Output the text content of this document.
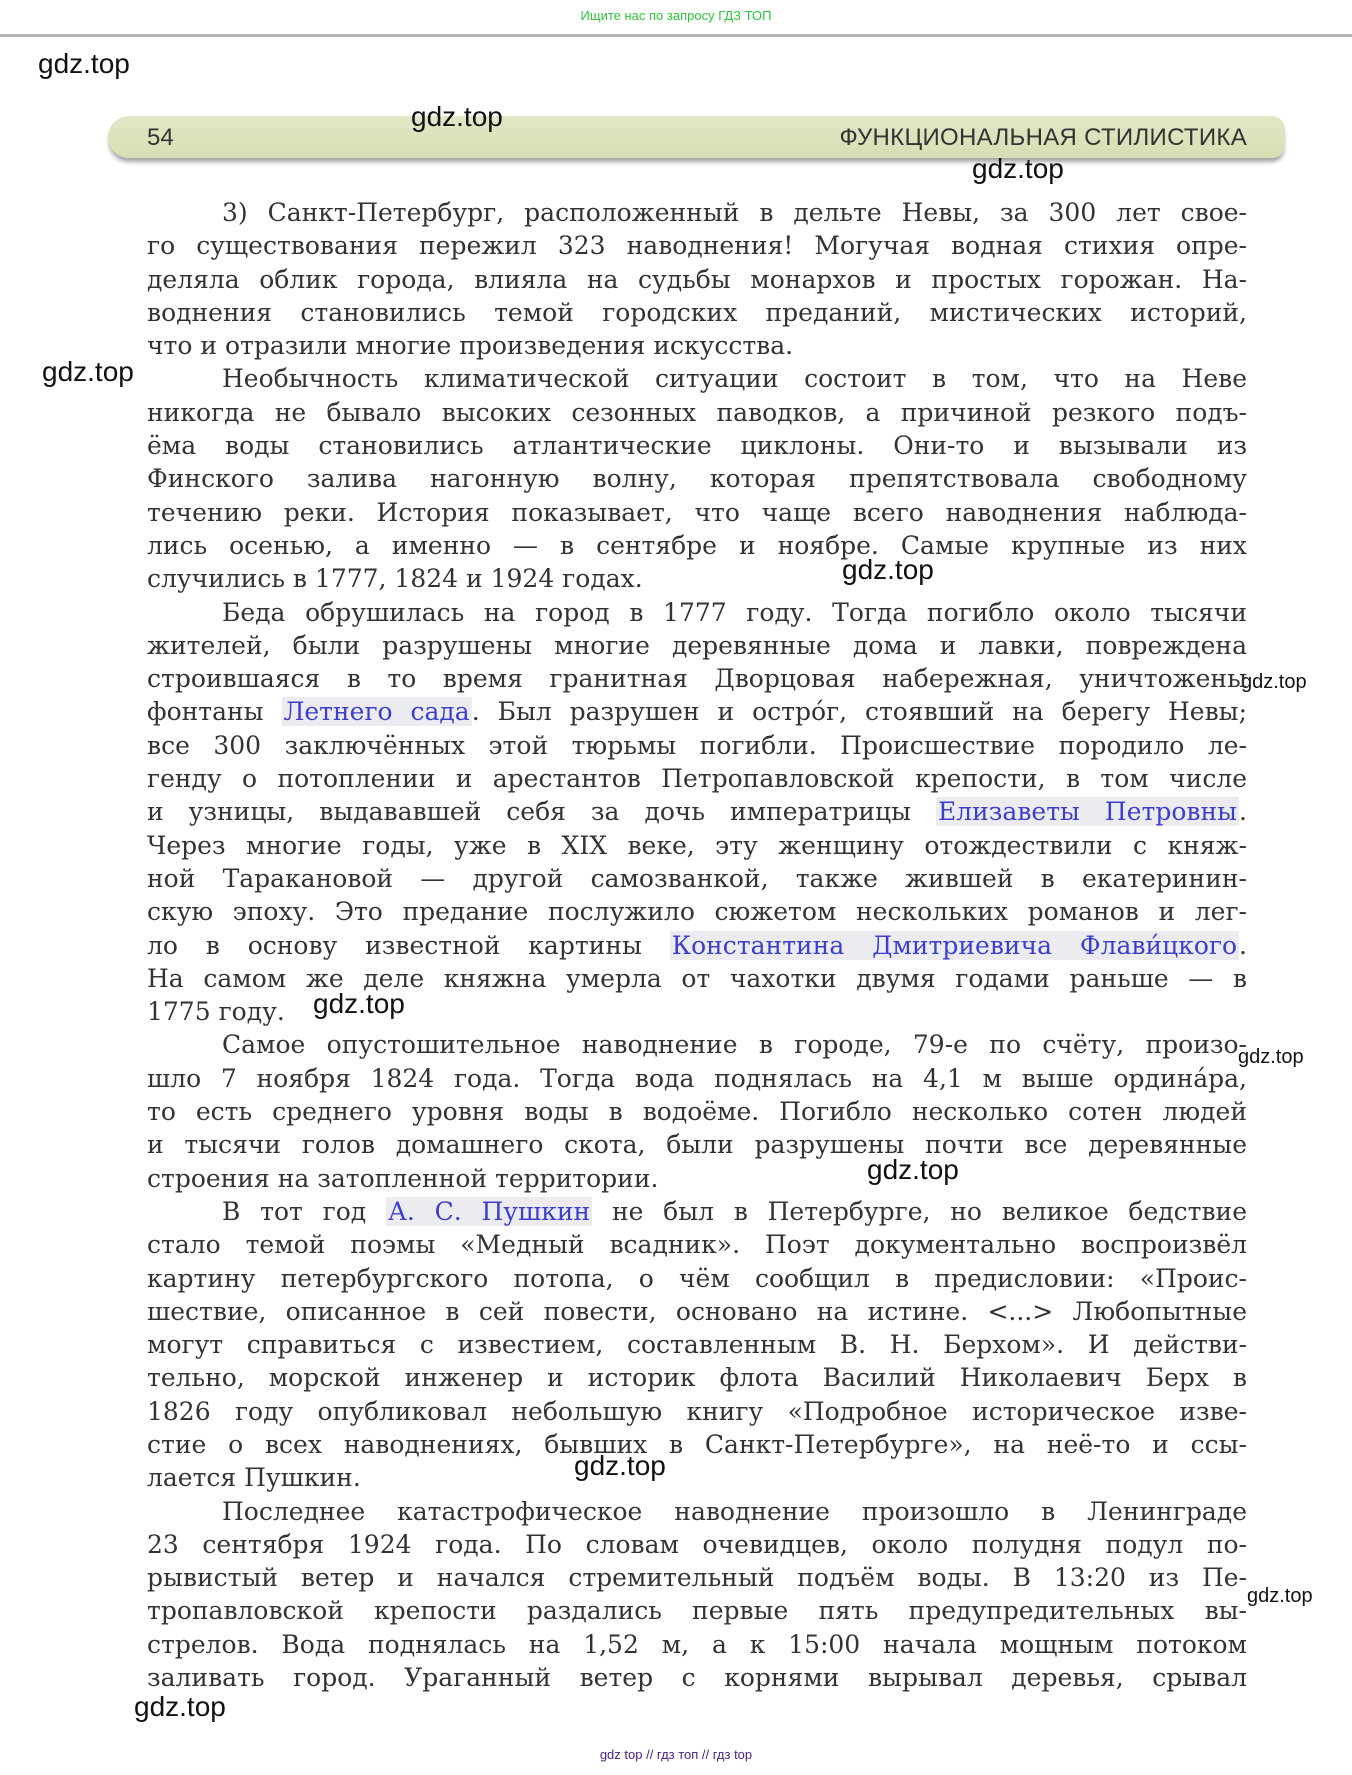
Ищите нас по запросу ГДЗ ТОП
gdz.top
54	ФУНКЦИОНАЛЬНАЯ СТИЛИСТИКА
gdz.top
gdz.top
gdz.top
gdz.top
gdz.top
gdz.top
gdz.top
gdz.top
gdz.top
gdz.top
gdz.top
3) Санкт-Петербург, расположенный в дельте Невы, за 300 лет свое-
го существования пережил 323 наводнения! Могучая водная стихия опре-
деляла облик города, влияла на судьбы монархов и простых горожан. На-
воднения становились темой городских преданий, мистических историй,
что и отразили многие произведения искусства.
Необычность климатической ситуации состоит в том, что на Неве
никогда не бывало высоких сезонных паводков, а причиной резкого подъ-
ёма воды становились атлантические циклоны. Они-то и вызывали из
Финского залива нагонную волну, которая препятствовала свободному
течению реки. История показывает, что чаще всего наводнения наблюда-
лись осенью, а именно — в сентябре и ноябре. Самые крупные из них
случились в 1777, 1824 и 1924 годах.
Беда обрушилась на город в 1777 году. Тогда погибло около тысячи
жителей, были разрушены многие деревянные дома и лавки, повреждена
строившаяся в то время гранитная Дворцовая набережная, уничтожены
фонтаны Летнего сада. Был разрушен и остро́г, стоявший на берегу Невы;
все 300 заключённых этой тюрьмы погибли. Происшествие породило ле-
генду о потоплении и арестантов Петропавловской крепости, в том числе
и узницы, выдававшей себя за дочь императрицы Елизаветы Петровны.
Через многие годы, уже в XIX веке, эту женщину отождествили с княж-
ной Таракановой — другой самозванкой, также жившей в екатеринин-
скую эпоху. Это предание послужило сюжетом нескольких романов и лег-
ло в основу известной картины Константина Дмитриевича Флави́цкого.
На самом же деле княжна умерла от чахотки двумя годами раньше — в
1775 году.
Самое опустошительное наводнение в городе, 79-е по счёту, произо-
шло 7 ноября 1824 года. Тогда вода поднялась на 4,1 м выше ордина́ра,
то есть среднего уровня воды в водоёме. Погибло несколько сотен людей
и тысячи голов домашнего скота, были разрушены почти все деревянные
строения на затопленной территории.
В тот год А. С. Пушкин не был в Петербурге, но великое бедствие
стало темой поэмы «Медный всадник». Поэт документально воспроизвёл
картину петербургского потопа, о чём сообщил в предисловии: «Проис-
шествие, описанное в сей повести, основано на истине. <...> Любопытные
могут справиться с известием, составленным В. Н. Берхом». И действи-
тельно, морской инженер и историк флота Василий Николаевич Берх в
1826 году опубликовал небольшую книгу «Подробное историческое изве-
стие о всех наводнениях, бывших в Санкт-Петербурге», на неё-то и ссы-
лается Пушкин.
Последнее катастрофическое наводнение произошло в Ленинграде
23 сентября 1924 года. По словам очевидцев, около полудня подул по-
рывистый ветер и начался стремительный подъём воды. В 13:20 из Пе-
тропавловской крепости раздались первые пять предупредительных вы-
стрелов. Вода поднялась на 1,52 м, а к 15:00 начала мощным потоком
заливать город. Ураганный ветер с корнями вырывал деревья, срывал
gdz top // гдз топ // гдз top
